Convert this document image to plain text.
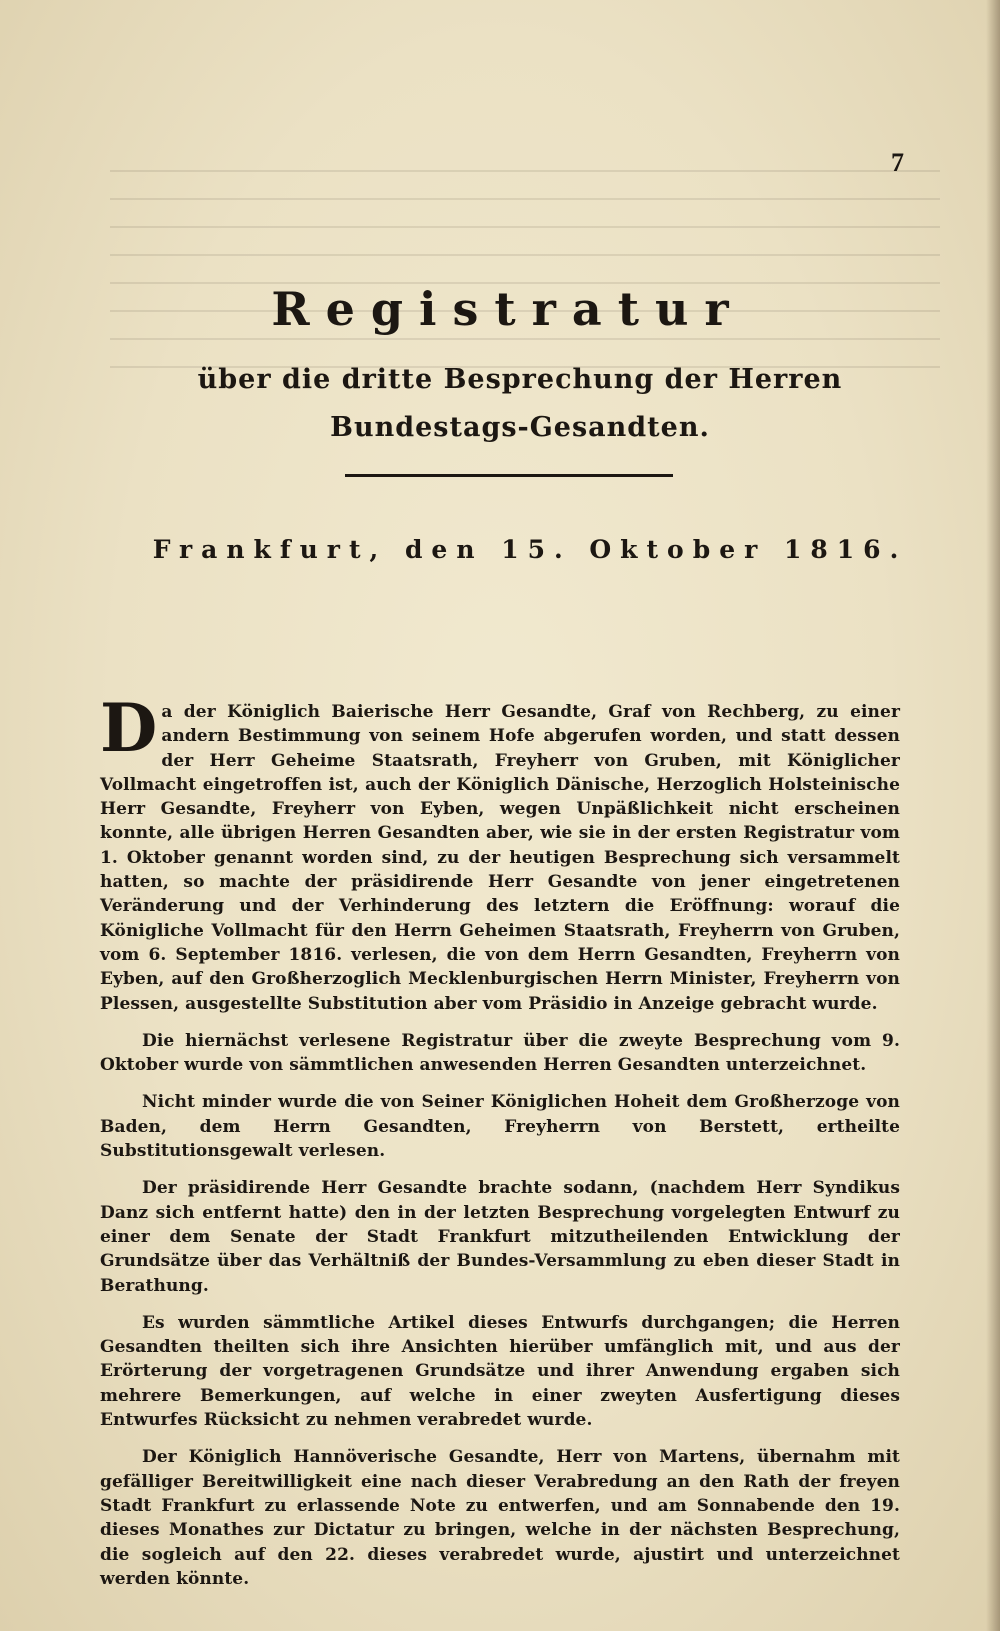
7
Registratur
über die dritte Besprechung der Herren Bundestags-Gesandten.
Frankfurt, den 15. Oktober 1816.

Da der Königlich Baierische Herr Gesandte, Graf von Rechberg, zu einer andern Bestimmung von seinem Hofe abgerufen worden, und statt dessen der Herr Geheime Staatsrath, Freyherr von Gruben, mit Königlicher Vollmacht eingetroffen ist, auch der Königlich Dänische, Herzoglich Holsteinische Herr Gesandte, Freyherr von Eyben, wegen Unpäßlichkeit nicht erscheinen konnte, alle übrigen Herren Gesandten aber, wie sie in der ersten Registratur vom 1. Oktober genannt worden sind, zu der heutigen Besprechung sich versammelt hatten, so machte der präsidirende Herr Gesandte von jener eingetretenen Veränderung und der Verhinderung des letztern die Eröffnung: worauf die Königliche Vollmacht für den Herrn Geheimen Staatsrath, Freyherrn von Gruben, vom 6. September 1816. verlesen, die von dem Herrn Gesandten, Freyherrn von Eyben, auf den Großherzoglich Mecklenburgischen Herrn Minister, Freyherrn von Plessen, ausgestellte Substitution aber vom Präsidio in Anzeige gebracht wurde.

Die hiernächst verlesene Registratur über die zweyte Besprechung vom 9. Oktober wurde von sämmtlichen anwesenden Herren Gesandten unterzeichnet.

Nicht minder wurde die von Seiner Königlichen Hoheit dem Großherzoge von Baden, dem Herrn Gesandten, Freyherrn von Berstett, ertheilte Substitutionsgewalt verlesen.

Der präsidirende Herr Gesandte brachte sodann, (nachdem Herr Syndikus Danz sich entfernt hatte) den in der letzten Besprechung vorgelegten Entwurf zu einer dem Senate der Stadt Frankfurt mitzutheilenden Entwicklung der Grundsätze über das Verhältniß der Bundes-Versammlung zu eben dieser Stadt in Berathung.

Es wurden sämmtliche Artikel dieses Entwurfs durchgangen; die Herren Gesandten theilten sich ihre Ansichten hierüber umfänglich mit, und aus der Erörterung der vorgetragenen Grundsätze und ihrer Anwendung ergaben sich mehrere Bemerkungen, auf welche in einer zweyten Ausfertigung dieses Entwurfes Rücksicht zu nehmen verabredet wurde.

Der Königlich Hannöverische Gesandte, Herr von Martens, übernahm mit gefälliger Bereitwilligkeit eine nach dieser Verabredung an den Rath der freyen Stadt Frankfurt zu erlassende Note zu entwerfen, und am Sonnabende den 19. dieses Monathes zur Dictatur zu bringen, welche in der nächsten Besprechung, die sogleich auf den 22. dieses verabredet wurde, ajustirt und unterzeichnet werden könnte.
